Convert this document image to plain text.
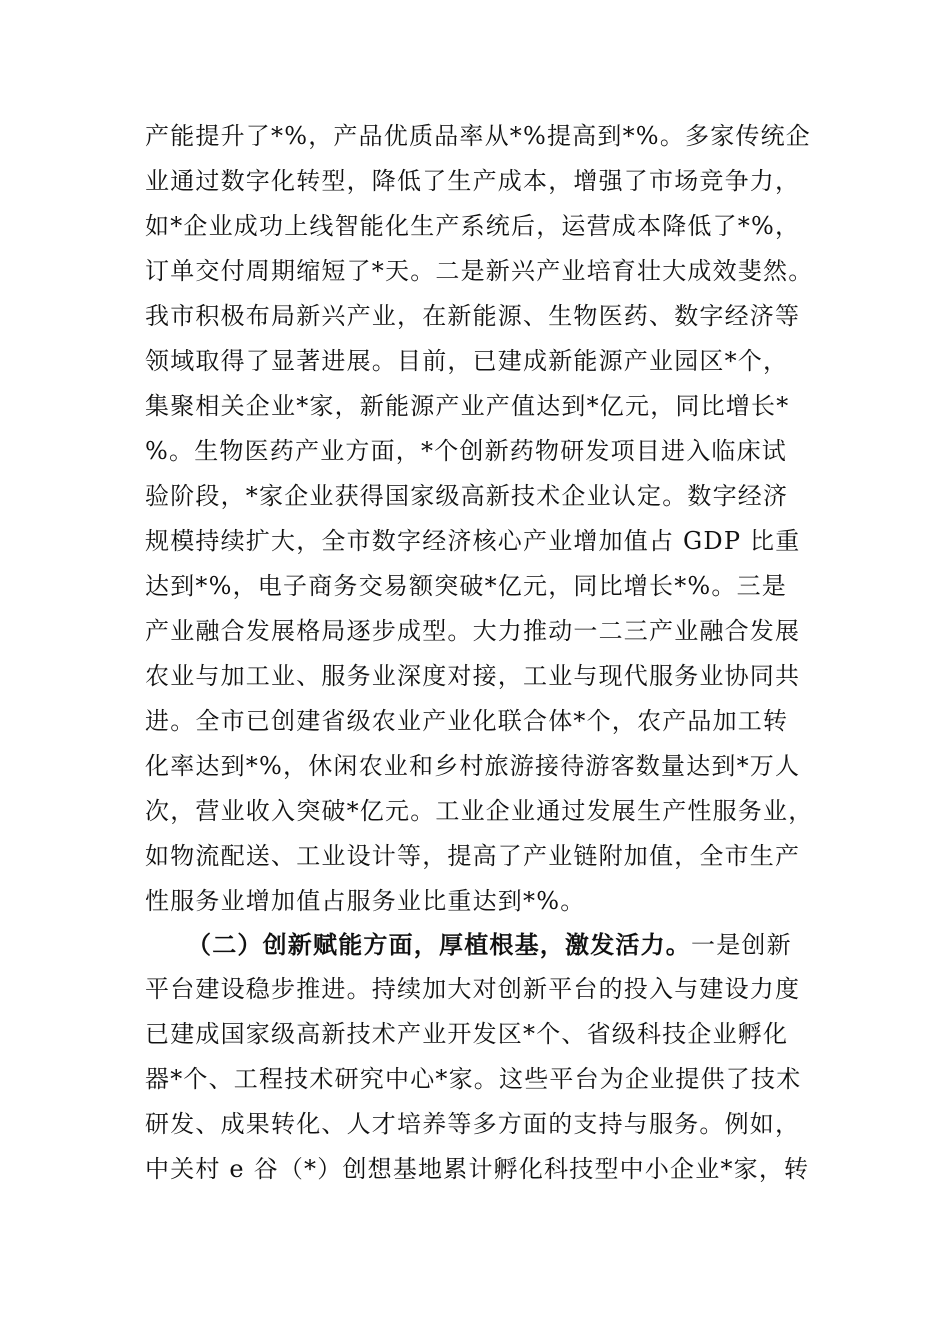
产能提升了*%，产品优质品率从*%提高到*%。多家传统企
业通过数字化转型，降低了生产成本，增强了市场竞争力，
如*企业成功上线智能化生产系统后，运营成本降低了*%，
订单交付周期缩短了*天。二是新兴产业培育壮大成效斐然。
我市积极布局新兴产业，在新能源、生物医药、数字经济等
领域取得了显著进展。目前，已建成新能源产业园区*个，
集聚相关企业*家，新能源产业产值达到*亿元，同比增长*
%。生物医药产业方面，*个创新药物研发项目进入临床试
验阶段，*家企业获得国家级高新技术企业认定。数字经济
规模持续扩大，全市数字经济核心产业增加值占 GDP 比重
达到*%，电子商务交易额突破*亿元，同比增长*%。三是
产业融合发展格局逐步成型。大力推动一二三产业融合发展
农业与加工业、服务业深度对接，工业与现代服务业协同共
进。全市已创建省级农业产业化联合体*个，农产品加工转
化率达到*%，休闲农业和乡村旅游接待游客数量达到*万人
次，营业收入突破*亿元。工业企业通过发展生产性服务业，
如物流配送、工业设计等，提高了产业链附加值，全市生产
性服务业增加值占服务业比重达到*%。
（二）创新赋能方面，厚植根基，激发活力。一是创新
平台建设稳步推进。持续加大对创新平台的投入与建设力度
已建成国家级高新技术产业开发区*个、省级科技企业孵化
器*个、工程技术研究中心*家。这些平台为企业提供了技术
研发、成果转化、人才培养等多方面的支持与服务。例如，
中关村 e 谷（*）创想基地累计孵化科技型中小企业*家，转
